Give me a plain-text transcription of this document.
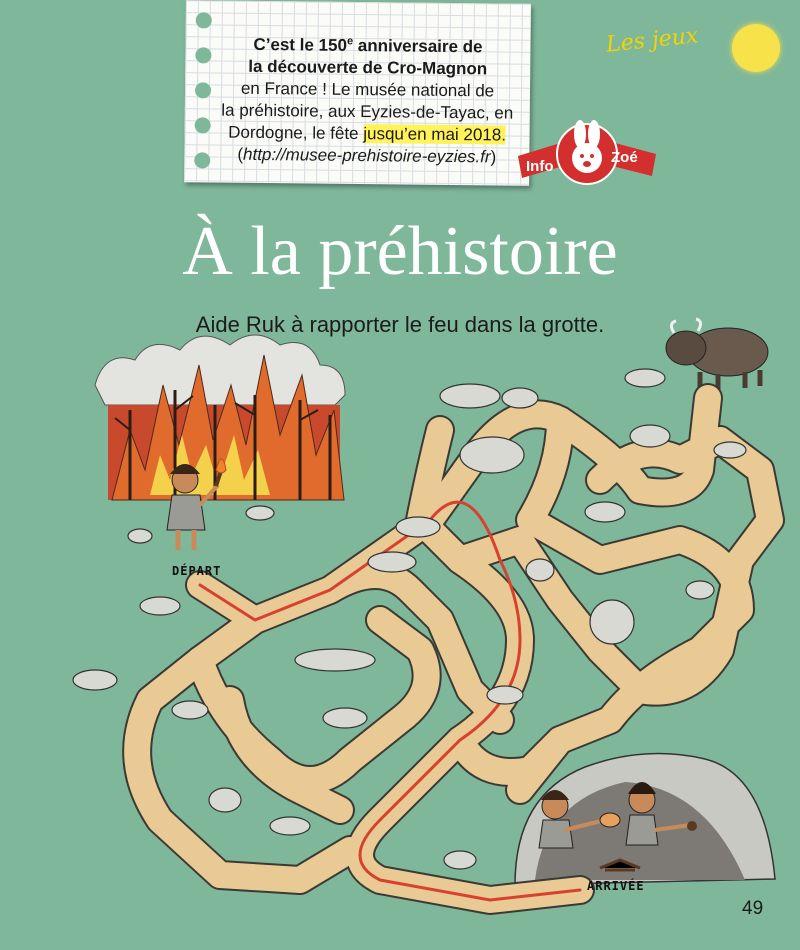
C’est le 150e anniversaire de
la découverte de Cro-Magnon
en France ! Le musée national de
la préhistoire, aux Eyzies-de-Tayac, en
Dordogne, le fête jusqu’en mai 2018.
(http://musee-prehistoire-eyzies.fr)
Info
Zoé
Les jeux
À la préhistoire
Aide Ruk à rapporter le feu dans la grotte.
DÉPART
ARRIVÉE
49
